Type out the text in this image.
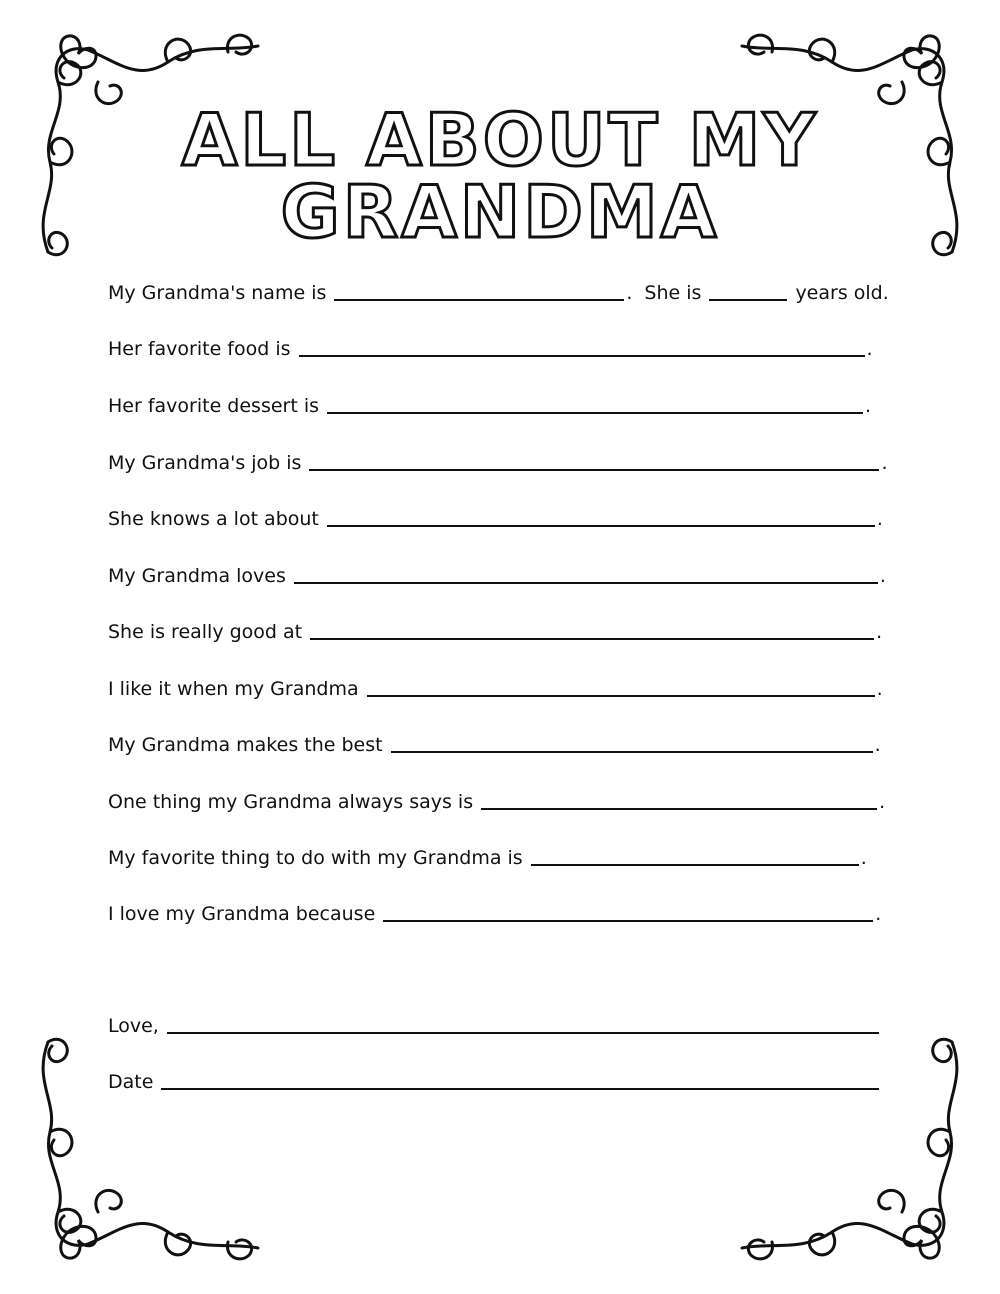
ALL ABOUT MY GRANDMA
My Grandma's name is	. She is	years old.
Her favorite food is	.
Her favorite dessert is	.
My Grandma's job is	.
She knows a lot about	.
My Grandma loves	.
She is really good at	.
I like it when my Grandma	.
My Grandma makes the best	.
One thing my Grandma always says is	.
My favorite thing to do with my Grandma is	.
I love my Grandma because	.
Love,
Date
